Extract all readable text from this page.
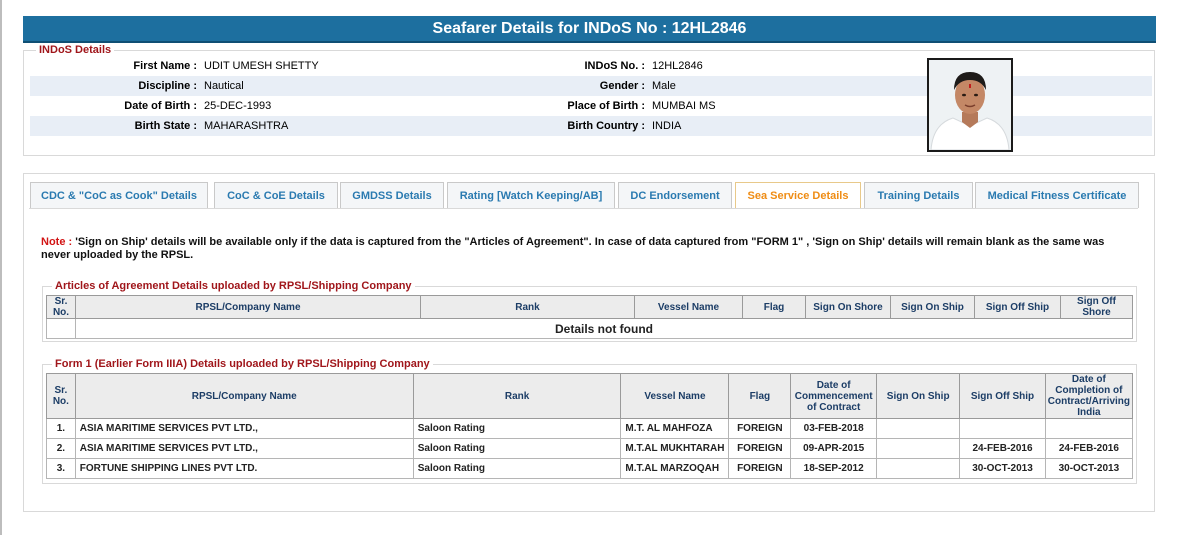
Seafarer Details for INDoS No : 12HL2846
INDoS Details
First Name : UDIT UMESH SHETTY	INDoS No. : 12HL2846
Discipline : Nautical	Gender : Male
Date of Birth : 25-DEC-1993	Place of Birth : MUMBAI MS
Birth State : MAHARASHTRA	Birth Country : INDIA
CDC & "CoC as Cook" Details	CoC & CoE Details	GMDSS Details	Rating [Watch Keeping/AB]	DC Endorsement	Sea Service Details	Training Details	Medical Fitness Certificate
Note : 'Sign on Ship' details will be available only if the data is captured from the "Articles of Agreement". In case of data captured from "FORM 1" , 'Sign on Ship' details will remain blank as the same was never uploaded by the RPSL.
Articles of Agreement Details uploaded by RPSL/Shipping Company
Sr. No.	RPSL/Company Name	Rank	Vessel Name	Flag	Sign On Shore	Sign On Ship	Sign Off Ship	Sign Off Shore
	Details not found							
Form 1 (Earlier Form IIIA) Details uploaded by RPSL/Shipping Company
Sr. No.	RPSL/Company Name	Rank	Vessel Name	Flag	Date of Commencement of Contract	Sign On Ship	Sign Off Ship	Date of Completion of Contract/Arriving India
1.	ASIA MARITIME SERVICES PVT LTD.,	Saloon Rating	M.T. AL MAHFOZA	FOREIGN	03-FEB-2018			
2.	ASIA MARITIME SERVICES PVT LTD.,	Saloon Rating	M.T.AL MUKHTARAH	FOREIGN	09-APR-2015		24-FEB-2016	24-FEB-2016
3.	FORTUNE SHIPPING LINES PVT LTD.	Saloon Rating	M.T.AL MARZOQAH	FOREIGN	18-SEP-2012		30-OCT-2013	30-OCT-2013
